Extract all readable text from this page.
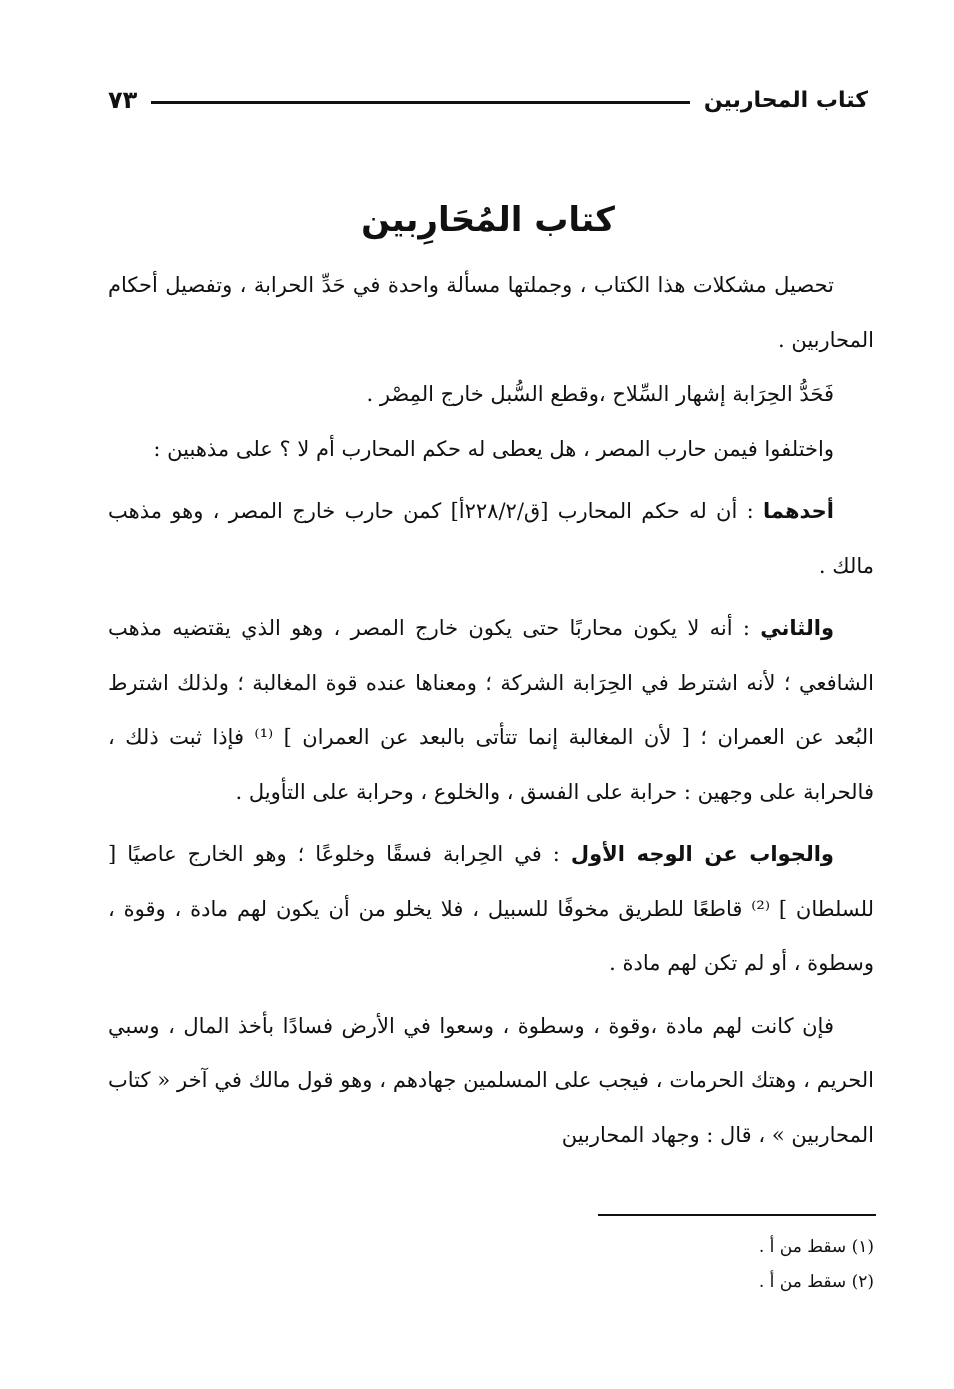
كتاب المحاربين
٧٣
كتاب المُحَارِبين

تحصيل مشكلات هذا الكتاب ، وجملتها مسألة واحدة في حَدِّ الحرابة ، وتفصيل أحكام المحاربين .

فَحَدُّ الحِرَابة إشهار السِّلاح ،وقطع السُّبل خارج المِصْر .

واختلفوا فيمن حارب المصر ، هل يعطى له حكم المحارب أم لا ؟ على مذهبين :

أحدهما : أن له حكم المحارب [ق/٢٢٨/٢أ] كمن حارب خارج المصر ، وهو مذهب مالك .

والثاني : أنه لا يكون محاربًا حتى يكون خارج المصر ، وهو الذي يقتضيه مذهب الشافعي ؛ لأنه اشترط في الحِرَابة الشركة ؛ ومعناها عنده قوة المغالبة ؛ ولذلك اشترط البُعد عن العمران ؛ [ لأن المغالبة إنما تتأتى بالبعد عن العمران ] ⁽¹⁾ فإذا ثبت ذلك ، فالحرابة على وجهين : حرابة على الفسق ، والخلوع ، وحرابة على التأويل .

والجواب عن الوجه الأول : في الحِرابة فسقًا وخلوعًا ؛ وهو الخارج عاصيًا [ للسلطان ] ⁽²⁾ قاطعًا للطريق مخوفًا للسبيل ، فلا يخلو من أن يكون لهم مادة ، وقوة ، وسطوة ، أو لم تكن لهم مادة .

فإن كانت لهم مادة ،وقوة ، وسطوة ، وسعوا في الأرض فسادًا بأخذ المال ، وسبي الحريم ، وهتك الحرمات ، فيجب على المسلمين جهادهم ، وهو قول مالك في آخر « كتاب المحاربين » ، قال : وجهاد المحاربين

(١) سقط من أ .
(٢) سقط من أ .
